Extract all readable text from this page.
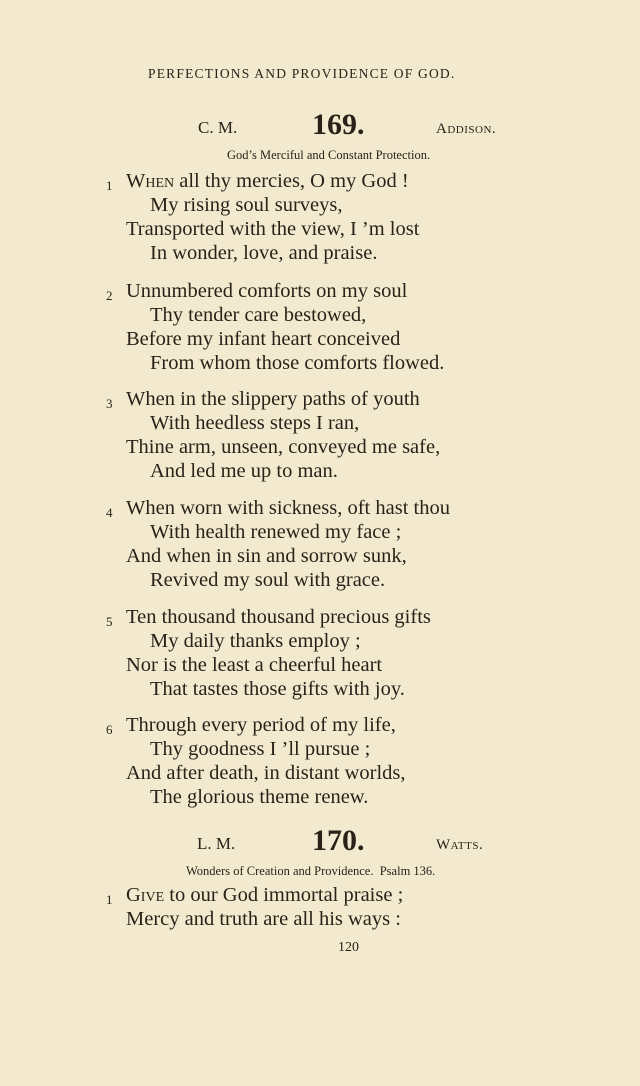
PERFECTIONS AND PROVIDENCE OF GOD.
C. M. 169.	Addison.
God’s Merciful and Constant Protection.
1 When all thy mercies, O my God !
My rising soul surveys,
Transported with the view, I ’m lost
In wonder, love, and praise.
2 Unnumbered comforts on my soul
Thy tender care bestowed,
Before my infant heart conceived
From whom those comforts flowed.
3 When in the slippery paths of youth
With heedless steps I ran,
Thine arm, unseen, conveyed me safe,
And led me up to man.
4 When worn with sickness, oft hast thou
With health renewed my face ;
And when in sin and sorrow sunk,
Revived my soul with grace.
5 Ten thousand thousand precious gifts
My daily thanks employ ;
Nor is the least a cheerful heart
That tastes those gifts with joy.
6 Through every period of my life,
Thy goodness I ’ll pursue ;
And after death, in distant worlds,
The glorious theme renew.
L. M.	170.	Watts.
Wonders of Creation and Providence.  Psalm 136.
1 Give to our God immortal praise ;
Mercy and truth are all his ways :
120
